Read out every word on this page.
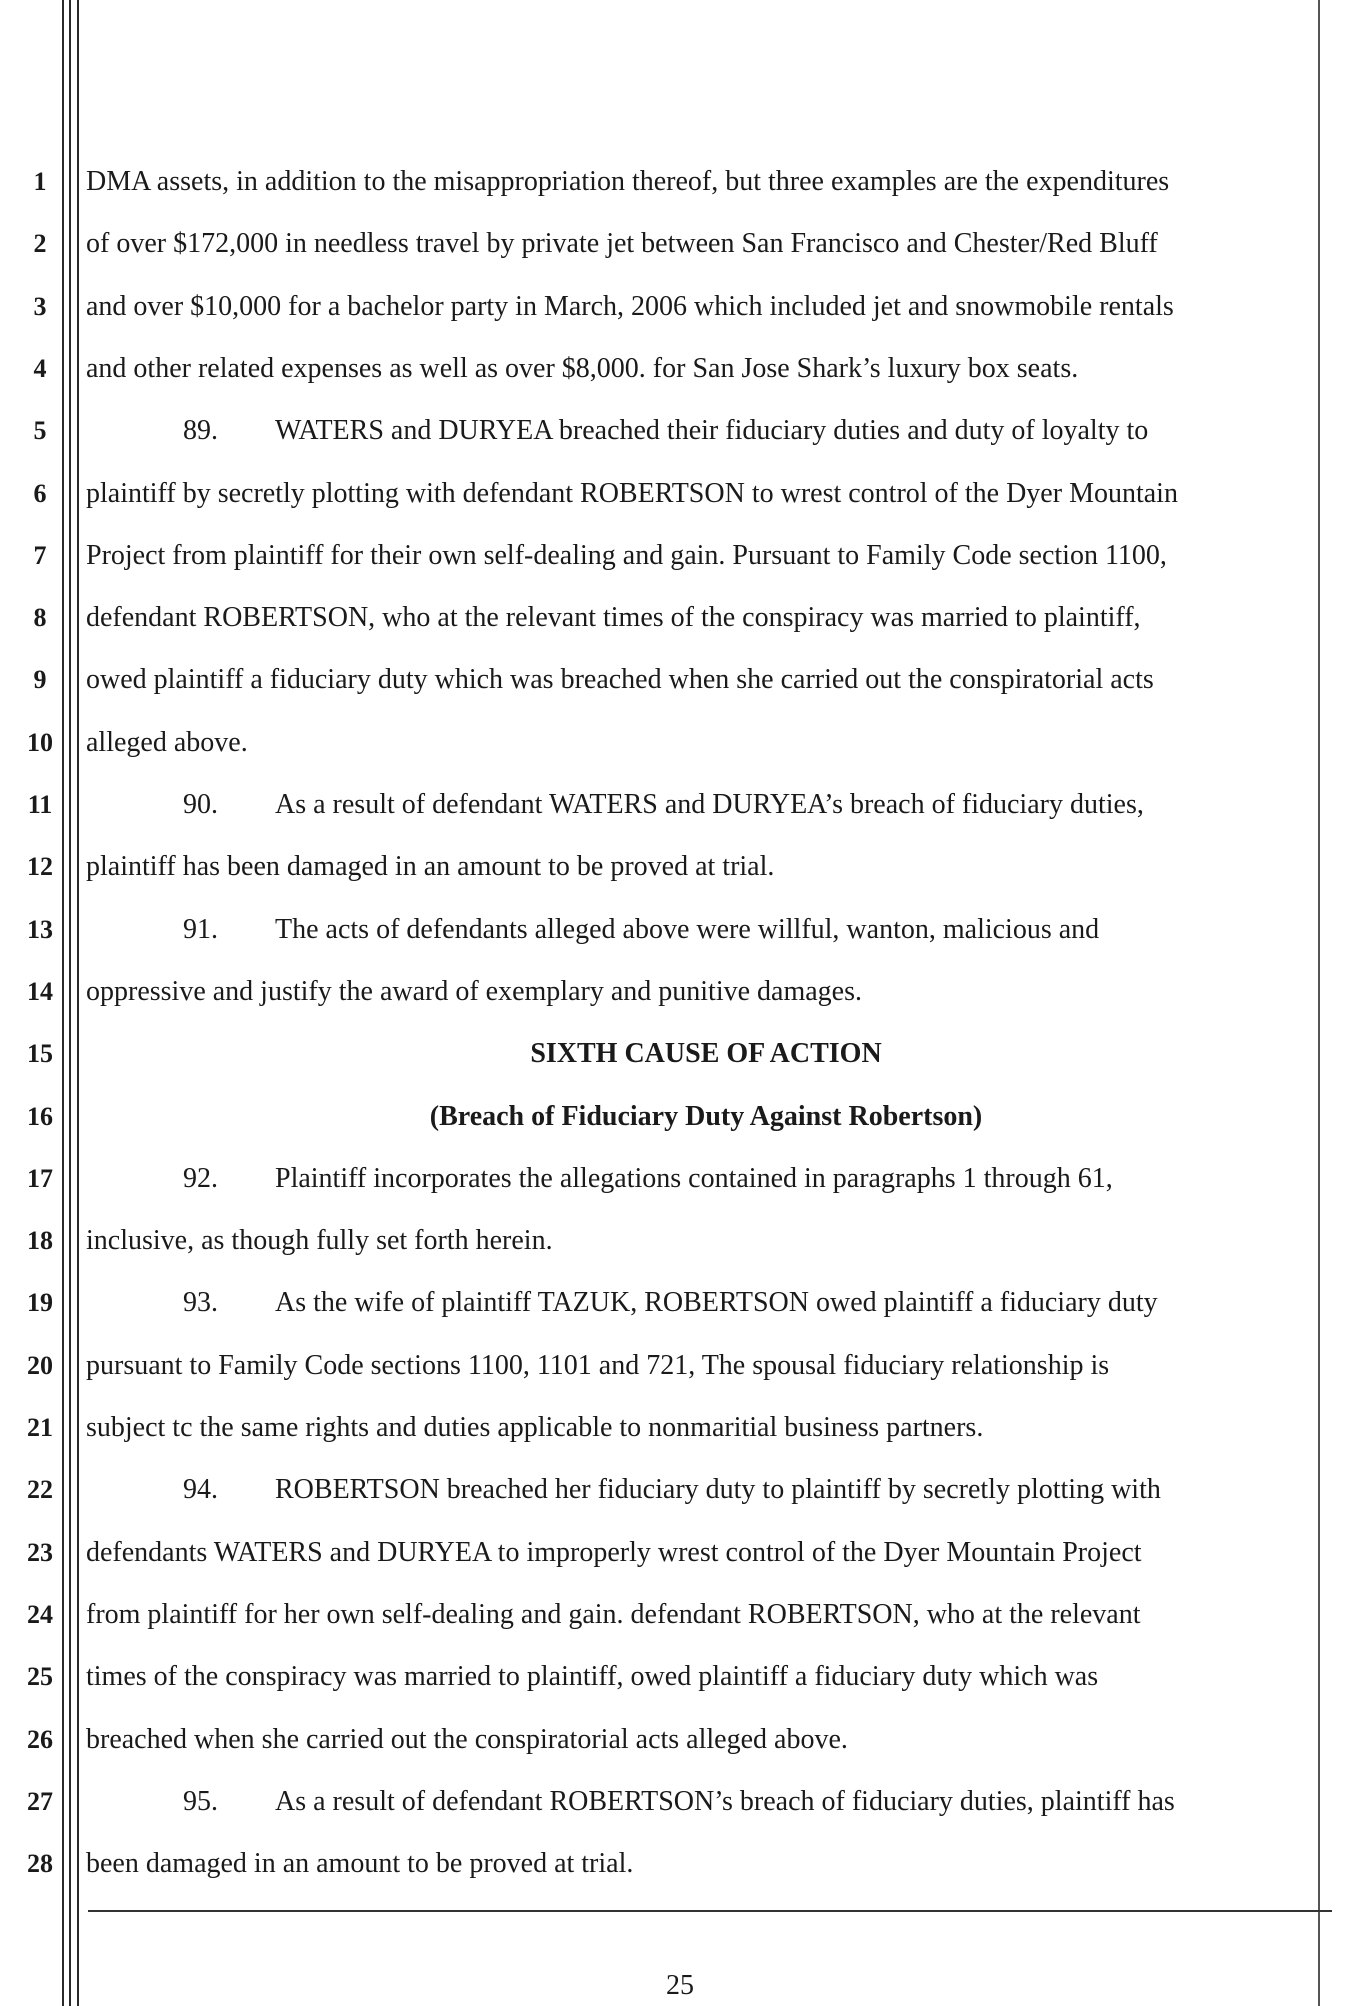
1
2
3
4
5
6
7
8
9
10
11
12
13
14
15
16
17
18
19
20
21
22
23
24
25
26
27
28
DMA assets, in addition to the misappropriation thereof, but three examples are the expenditures
of over $172,000 in needless travel by private jet between San Francisco and Chester/Red Bluff
and over $10,000 for a bachelor party in March, 2006 which included jet and snowmobile rentals
and other related expenses as well as over $8,000. for San Jose Shark’s luxury box seats.
89. WATERS and DURYEA breached their fiduciary duties and duty of loyalty to
plaintiff by secretly plotting with defendant ROBERTSON to wrest control of the Dyer Mountain
Project from plaintiff for their own self-dealing and gain. Pursuant to Family Code section 1100,
defendant ROBERTSON, who at the relevant times of the conspiracy was married to plaintiff,
owed plaintiff a fiduciary duty which was breached when she carried out the conspiratorial acts
alleged above.
90. As a result of defendant WATERS and DURYEA’s breach of fiduciary duties,
plaintiff has been damaged in an amount to be proved at trial.
91. The acts of defendants alleged above were willful, wanton, malicious and
oppressive and justify the award of exemplary and punitive damages.
SIXTH CAUSE OF ACTION
(Breach of Fiduciary Duty Against Robertson)
92. Plaintiff incorporates the allegations contained in paragraphs 1 through 61,
inclusive, as though fully set forth herein.
93. As the wife of plaintiff TAZUK, ROBERTSON owed plaintiff a fiduciary duty
pursuant to Family Code sections 1100, 1101 and 721, The spousal fiduciary relationship is
subject tc the same rights and duties applicable to nonmaritial business partners.
94. ROBERTSON breached her fiduciary duty to plaintiff by secretly plotting with
defendants WATERS and DURYEA to improperly wrest control of the Dyer Mountain Project
from plaintiff for her own self-dealing and gain. defendant ROBERTSON, who at the relevant
times of the conspiracy was married to plaintiff, owed plaintiff a fiduciary duty which was
breached when she carried out the conspiratorial acts alleged above.
95. As a result of defendant ROBERTSON’s breach of fiduciary duties, plaintiff has
been damaged in an amount to be proved at trial.
25
